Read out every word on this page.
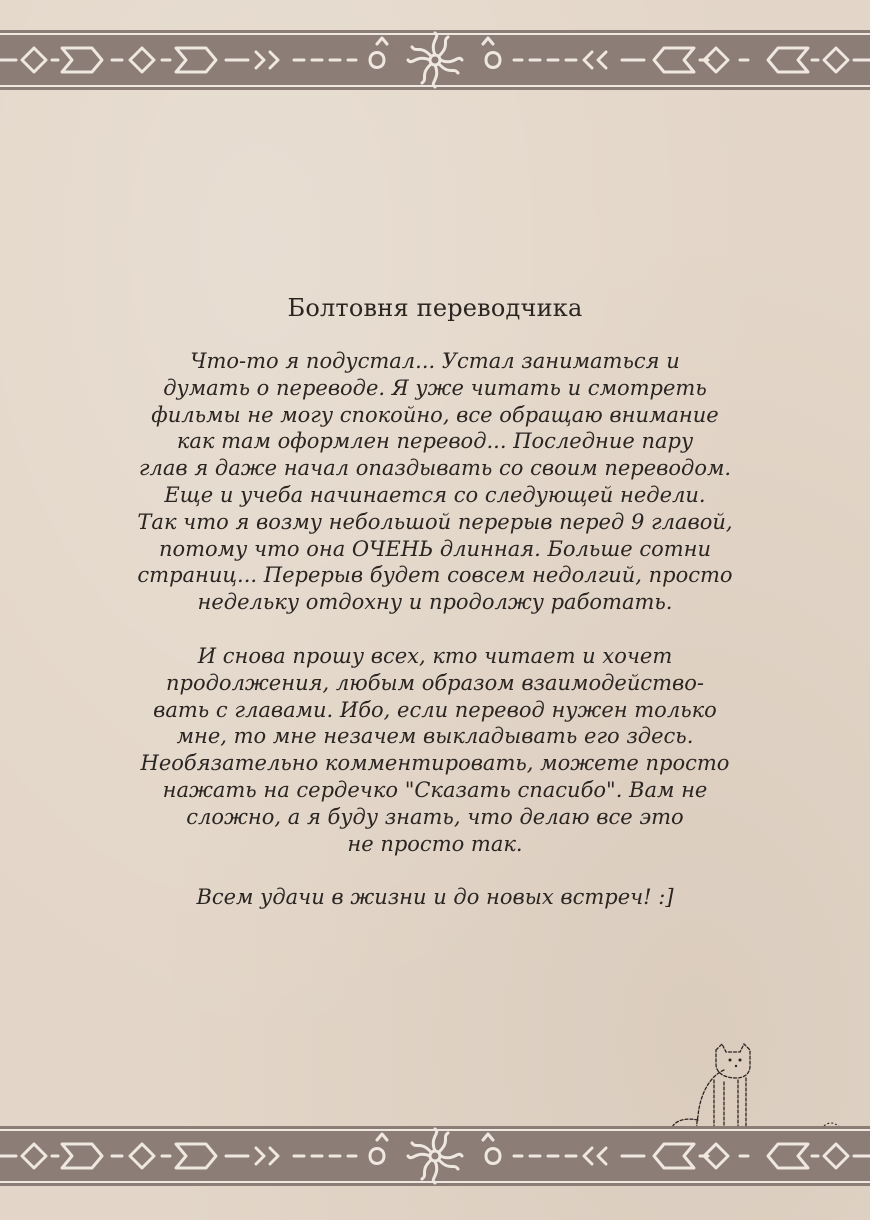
Болтовня переводчика
Что-то я подустал... Устал заниматься и
думать о переводе. Я уже читать и смотреть
фильмы не могу спокойно, все обращаю внимание
как там оформлен перевод... Последние пару
глав я даже начал опаздывать со своим переводом.
Еще и учеба начинается со следующей недели.
Так что я возму небольшой перерыв перед 9 главой,
потому что она ОЧЕНЬ длинная. Больше сотни
страниц... Перерыв будет совсем недолгий, просто
недельку отдохну и продолжу работать.
И снова прошу всех, кто читает и хочет
продолжения, любым образом взаимодейство-
вать с главами. Ибо, если перевод нужен только
мне, то мне незачем выкладывать его здесь.
Необязательно комментировать, можете просто
нажать на сердечко "Сказать спасибо". Вам не
сложно, а я буду знать, что делаю все это
не просто так.
Всем удачи в жизни и до новых встреч! :]
